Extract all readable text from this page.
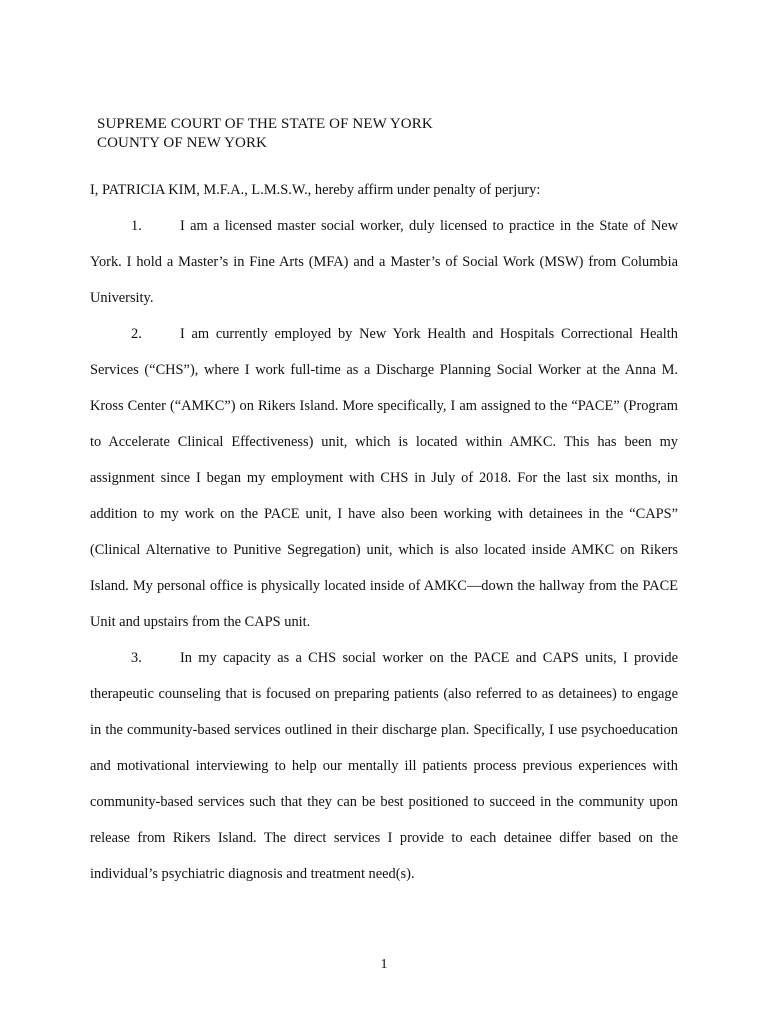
SUPREME COURT OF THE STATE OF NEW YORK
COUNTY OF NEW YORK

I, PATRICIA KIM, M.F.A., L.M.S.W., hereby affirm under penalty of perjury:

1.	I am a licensed master social worker, duly licensed to practice in the State of New York. I hold a Master’s in Fine Arts (MFA) and a Master’s of Social Work (MSW) from Columbia University.

2.	I am currently employed by New York Health and Hospitals Correctional Health Services (“CHS”), where I work full-time as a Discharge Planning Social Worker at the Anna M. Kross Center (“AMKC”) on Rikers Island. More specifically, I am assigned to the “PACE” (Program to Accelerate Clinical Effectiveness) unit, which is located within AMKC. This has been my assignment since I began my employment with CHS in July of 2018. For the last six months, in addition to my work on the PACE unit, I have also been working with detainees in the “CAPS” (Clinical Alternative to Punitive Segregation) unit, which is also located inside AMKC on Rikers Island. My personal office is physically located inside of AMKC—down the hallway from the PACE Unit and upstairs from the CAPS unit.

3.	In my capacity as a CHS social worker on the PACE and CAPS units, I provide therapeutic counseling that is focused on preparing patients (also referred to as detainees) to engage in the community-based services outlined in their discharge plan. Specifically, I use psychoeducation and motivational interviewing to help our mentally ill patients process previous experiences with community-based services such that they can be best positioned to succeed in the community upon release from Rikers Island. The direct services I provide to each detainee differ based on the individual’s psychiatric diagnosis and treatment need(s).

1
